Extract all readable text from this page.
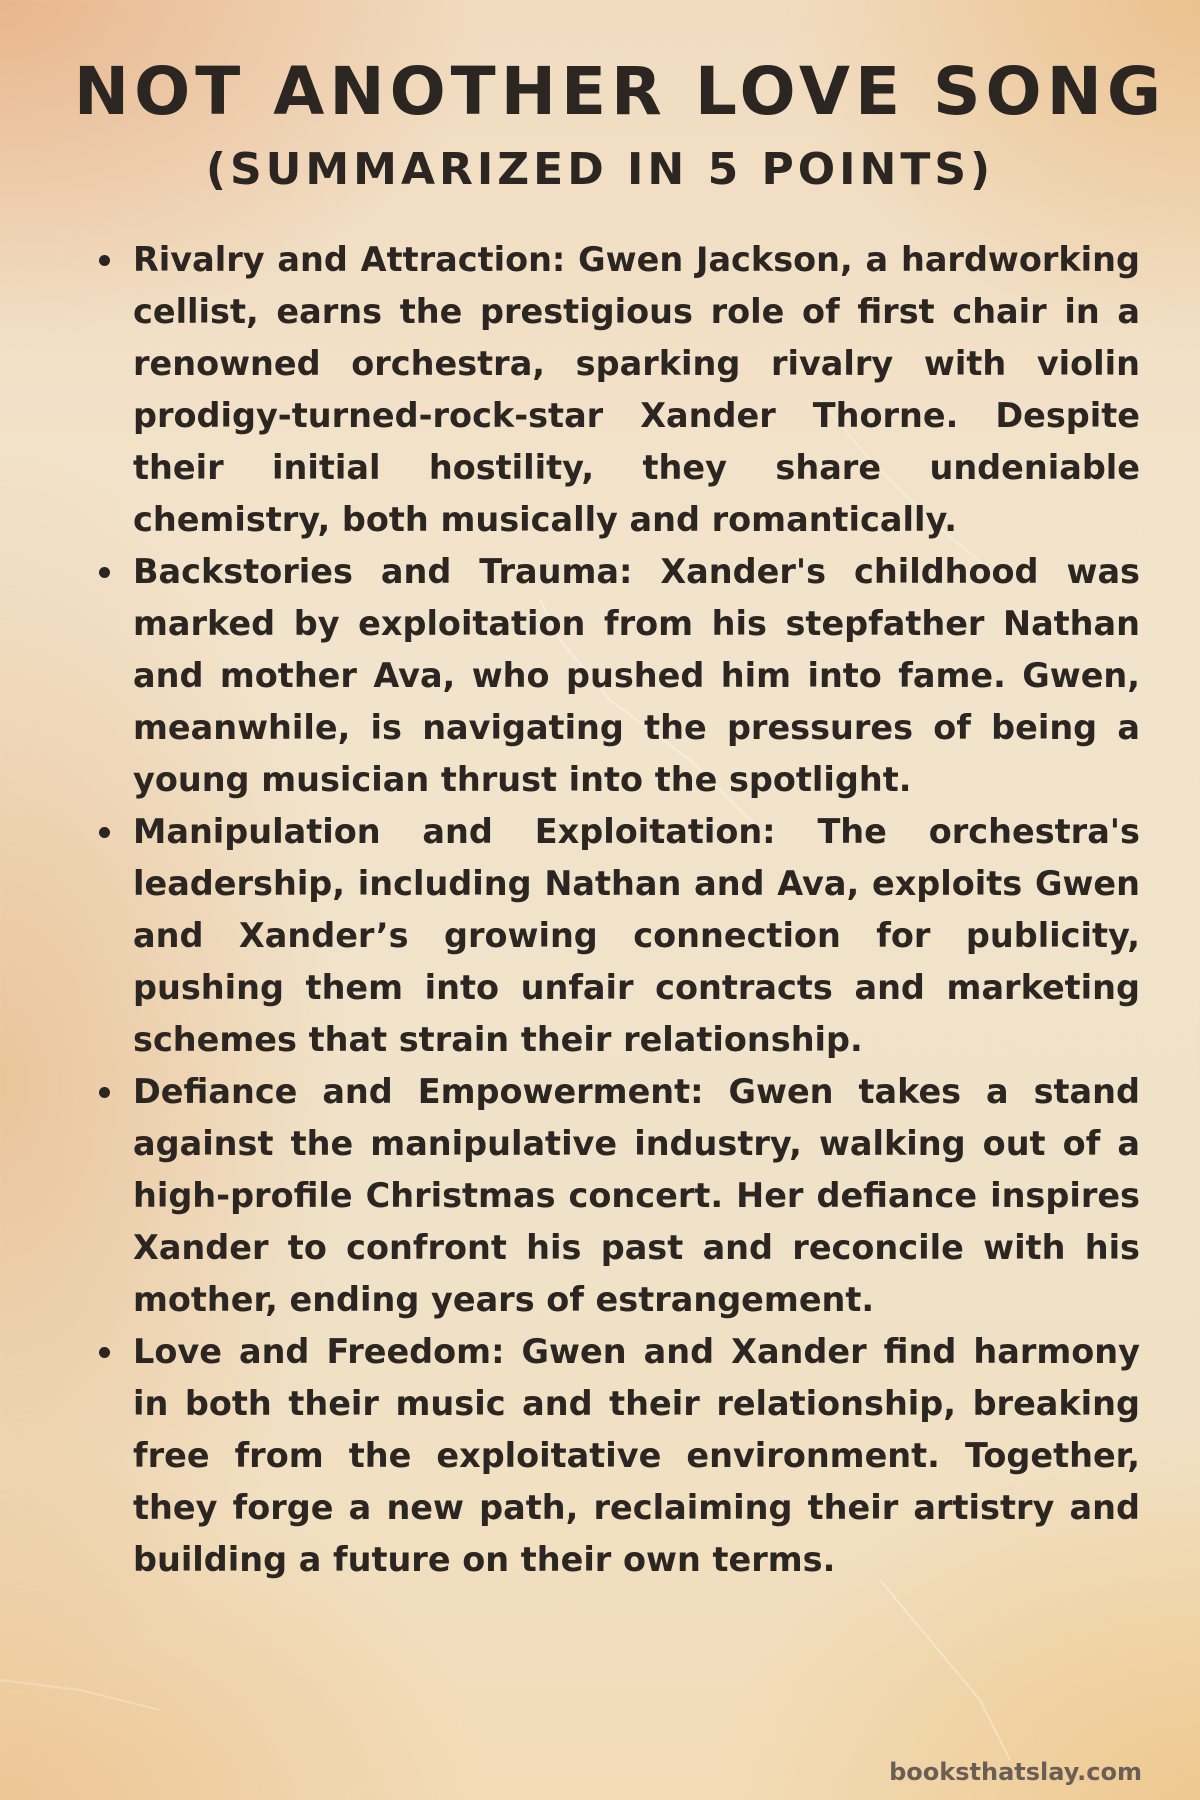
NOT ANOTHER LOVE SONG
(SUMMARIZED IN 5 POINTS)
Rivalry and Attraction: Gwen Jackson, a hardworking cellist, earns the prestigious role of first chair in a renowned orchestra, sparking rivalry with violin prodigy-turned-rock-star Xander Thorne. Despite their initial hostility, they share undeniable chemistry, both musically and romantically.
Backstories and Trauma: Xander's childhood was marked by exploitation from his stepfather Nathan and mother Ava, who pushed him into fame. Gwen, meanwhile, is navigating the pressures of being a young musician thrust into the spotlight.
Manipulation and Exploitation: The orchestra's leadership, including Nathan and Ava, exploits Gwen and Xander’s growing connection for publicity, pushing them into unfair contracts and marketing schemes that strain their relationship.
Defiance and Empowerment: Gwen takes a stand against the manipulative industry, walking out of a high-profile Christmas concert. Her defiance inspires Xander to confront his past and reconcile with his mother, ending years of estrangement.
Love and Freedom: Gwen and Xander find harmony in both their music and their relationship, breaking free from the exploitative environment. Together, they forge a new path, reclaiming their artistry and building a future on their own terms.
booksthatslay.com
